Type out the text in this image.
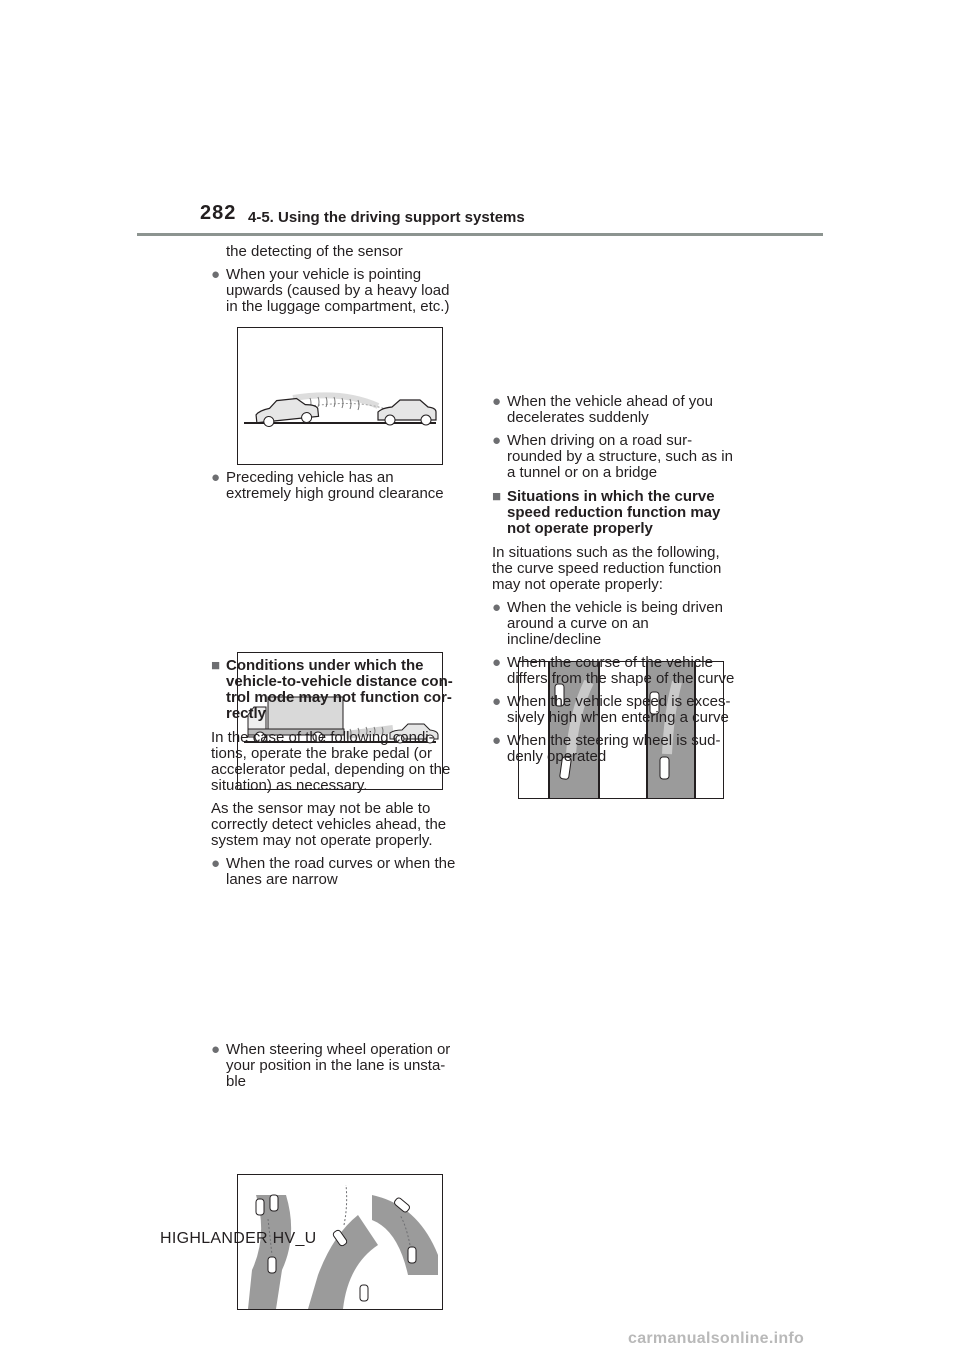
282 4-5. Using the driving support systems

the detecting of the sensor

● When your vehicle is pointing
upwards (caused by a heavy load
in the luggage compartment, etc.)
● Preceding vehicle has an
extremely high ground clearance
■ Conditions under which the
vehicle-to-vehicle distance con-
trol mode may not function cor-
rectly
In the case of the following condi-
tions, operate the brake pedal (or
accelerator pedal, depending on the
situation) as necessary.
As the sensor may not be able to
correctly detect vehicles ahead, the
system may not operate properly.
● When the road curves or when the
lanes are narrow
● When steering wheel operation or
your position in the lane is unsta-
ble
● When the vehicle ahead of you
decelerates suddenly
● When driving on a road sur-
rounded by a structure, such as in
a tunnel or on a bridge
■ Situations in which the curve
speed reduction function may
not operate properly
In situations such as the following,
the curve speed reduction function
may not operate properly:
● When the vehicle is being driven
around a curve on an
incline/decline
● When the course of the vehicle
differs from the shape of the curve
● When the vehicle speed is exces-
sively high when entering a curve
● When the steering wheel is sud-
denly operated
HIGHLANDER HV_U
carmanualsonline.info
